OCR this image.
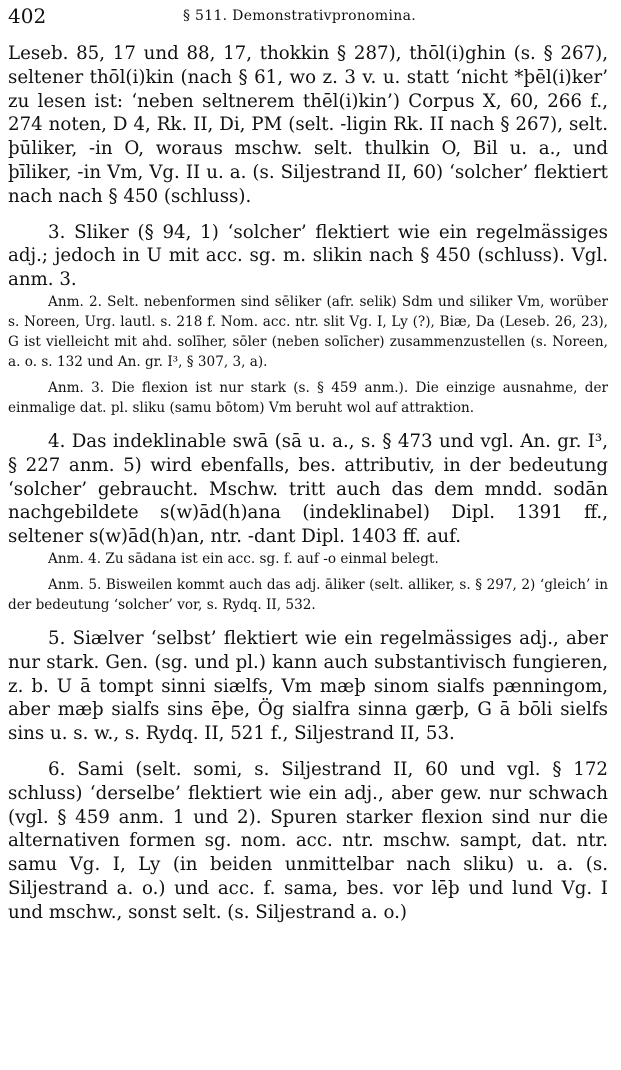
402	§ 511. Demonstrativpronomina.

Leseb. 85, 17 und 88, 17, thokkin § 287), thōl(i)ghin (s. § 267), seltener thōl(i)kin (nach § 61, wo z. 3 v. u. statt ‘nicht *þēl(i)ker’ zu lesen ist: ‘neben seltnerem thēl(i)kin’) Corpus X, 60, 266 f., 274 noten, D 4, Rk. II, Di, PM (selt. -ligin Rk. II nach § 267), selt. þūliker, -in O, woraus mschw. selt. thulkin O, Bil u. a., und þīliker, -in Vm, Vg. II u. a. (s. Siljestrand II, 60) ‘solcher’ flektiert nach nach § 450 (schluss).

3. Sliker (§ 94, 1) ‘solcher’ flektiert wie ein regelmässiges adj.; jedoch in U mit acc. sg. m. slikin nach § 450 (schluss). Vgl. anm. 3.

Anm. 2. Selt. nebenformen sind sēliker (afr. selik) Sdm und siliker Vm, worüber s. Noreen, Urg. lautl. s. 218 f. Nom. acc. ntr. slit Vg. I, Ly (?), Biæ, Da (Leseb. 26, 23), G ist vielleicht mit ahd. solīher, sōler (neben solīcher) zusammenzustellen (s. Noreen, a. o. s. 132 und An. gr. I³, § 307, 3, a).

Anm. 3. Die flexion ist nur stark (s. § 459 anm.). Die einzige ausnahme, der einmalige dat. pl. sliku (samu bōtom) Vm beruht wol auf attraktion.

4. Das indeklinable swā (sā u. a., s. § 473 und vgl. An. gr. I³, § 227 anm. 5) wird ebenfalls, bes. attributiv, in der bedeutung ‘solcher’ gebraucht. Mschw. tritt auch das dem mndd. sodān nachgebildete s(w)ād(h)ana (indeklinabel) Dipl. 1391 ff., seltener s(w)ād(h)an, ntr. -dant Dipl. 1403 ff. auf.

Anm. 4. Zu sādana ist ein acc. sg. f. auf -o einmal belegt.

Anm. 5. Bisweilen kommt auch das adj. āliker (selt. alliker, s. § 297, 2) ‘gleich’ in der bedeutung ‘solcher’ vor, s. Rydq. II, 532.

5. Siælver ‘selbst’ flektiert wie ein regelmässiges adj., aber nur stark. Gen. (sg. und pl.) kann auch substantivisch fungieren, z. b. U ā tompt sinni siælfs, Vm mæþ sinom sialfs pænningom, aber mæþ sialfs sins ēþe, Ög sialfra sinna gærþ, G ā bōli sielfs sins u. s. w., s. Rydq. II, 521 f., Siljestrand II, 53.

6. Sami (selt. somi, s. Siljestrand II, 60 und vgl. § 172 schluss) ‘derselbe’ flektiert wie ein adj., aber gew. nur schwach (vgl. § 459 anm. 1 und 2). Spuren starker flexion sind nur die alternativen formen sg. nom. acc. ntr. mschw. sampt, dat. ntr. samu Vg. I, Ly (in beiden unmittelbar nach sliku) u. a. (s. Siljestrand a. o.) und acc. f. sama, bes. vor lēþ und lund Vg. I und mschw., sonst selt. (s. Siljestrand a. o.)
